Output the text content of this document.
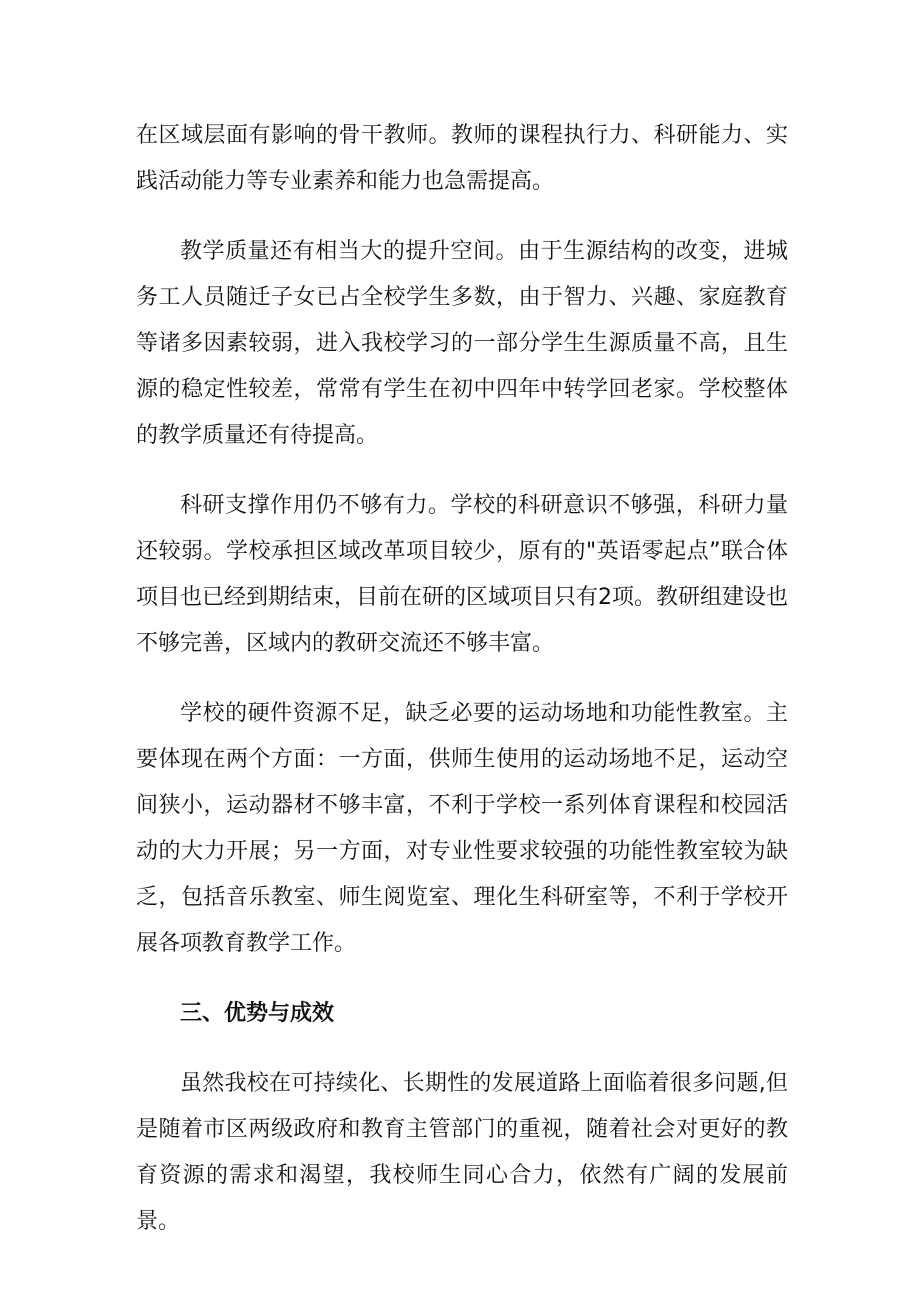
在区域层面有影响的骨干教师。教师的课程执行力、科研能力、实践活动能力等专业素养和能力也急需提高。

教学质量还有相当大的提升空间。由于生源结构的改变，进城务工人员随迁子女已占全校学生多数，由于智力、兴趣、家庭教育等诸多因素较弱，进入我校学习的一部分学生生源质量不高，且生源的稳定性较差，常常有学生在初中四年中转学回老家。学校整体的教学质量还有待提高。

科研支撑作用仍不够有力。学校的科研意识不够强，科研力量还较弱。学校承担区域改革项目较少，原有的"英语零起点”联合体项目也已经到期结束，目前在研的区域项目只有2项。教研组建设也不够完善，区域内的教研交流还不够丰富。

学校的硬件资源不足，缺乏必要的运动场地和功能性教室。主要体现在两个方面：一方面，供师生使用的运动场地不足，运动空间狭小，运动器材不够丰富，不利于学校一系列体育课程和校园活动的大力开展；另一方面，对专业性要求较强的功能性教室较为缺乏，包括音乐教室、师生阅览室、理化生科研室等，不利于学校开展各项教育教学工作。

三、优势与成效

虽然我校在可持续化、长期性的发展道路上面临着很多问题,但是随着市区两级政府和教育主管部门的重视，随着社会对更好的教育资源的需求和渴望，我校师生同心合力，依然有广阔的发展前景。
